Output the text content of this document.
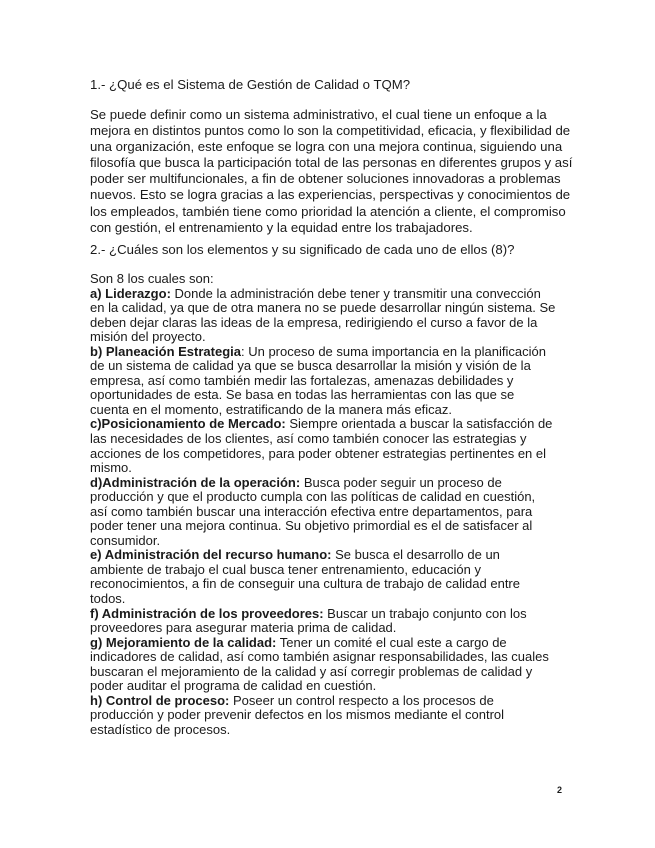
1.- ¿Qué es el Sistema de Gestión de Calidad o TQM?

Se puede definir como un sistema administrativo, el cual tiene un enfoque a la
mejora en distintos puntos como lo son la competitividad, eficacia, y flexibilidad de
una organización, este enfoque se logra con una mejora continua, siguiendo una
filosofía que busca la participación total de las personas en diferentes grupos y así
poder ser multifuncionales, a fin de obtener soluciones innovadoras a problemas
nuevos. Esto se logra gracias a las experiencias, perspectivas y conocimientos de
los empleados, también tiene como prioridad la atención a cliente, el compromiso
con gestión, el entrenamiento y la equidad entre los trabajadores.

2.- ¿Cuáles son los elementos y su significado de cada uno de ellos (8)?

Son 8 los cuales son:
a) Liderazgo: Donde la administración debe tener y transmitir una convección
en la calidad, ya que de otra manera no se puede desarrollar ningún sistema. Se
deben dejar claras las ideas de la empresa, redirigiendo el curso a favor de la
misión del proyecto.
b) Planeación Estrategia: Un proceso de suma importancia en la planificación
de un sistema de calidad ya que se busca desarrollar la misión y visión de la
empresa, así como también medir las fortalezas, amenazas debilidades y
oportunidades de esta. Se basa en todas las herramientas con las que se
cuenta en el momento, estratificando de la manera más eficaz.
c)Posicionamiento de Mercado: Siempre orientada a buscar la satisfacción de
las necesidades de los clientes, así como también conocer las estrategias y
acciones de los competidores, para poder obtener estrategias pertinentes en el
mismo.
d)Administración de la operación: Busca poder seguir un proceso de
producción y que el producto cumpla con las políticas de calidad en cuestión,
así como también buscar una interacción efectiva entre departamentos, para
poder tener una mejora continua. Su objetivo primordial es el de satisfacer al
consumidor.
e) Administración del recurso humano: Se busca el desarrollo de un
ambiente de trabajo el cual busca tener entrenamiento, educación y
reconocimientos, a fin de conseguir una cultura de trabajo de calidad entre
todos.
f) Administración de los proveedores: Buscar un trabajo conjunto con los
proveedores para asegurar materia prima de calidad.
g) Mejoramiento de la calidad: Tener un comité el cual este a cargo de
indicadores de calidad, así como también asignar responsabilidades, las cuales
buscaran el mejoramiento de la calidad y así corregir problemas de calidad y
poder auditar el programa de calidad en cuestión.
h) Control de proceso: Poseer un control respecto a los procesos de
producción y poder prevenir defectos en los mismos mediante el control
estadístico de procesos.
2
